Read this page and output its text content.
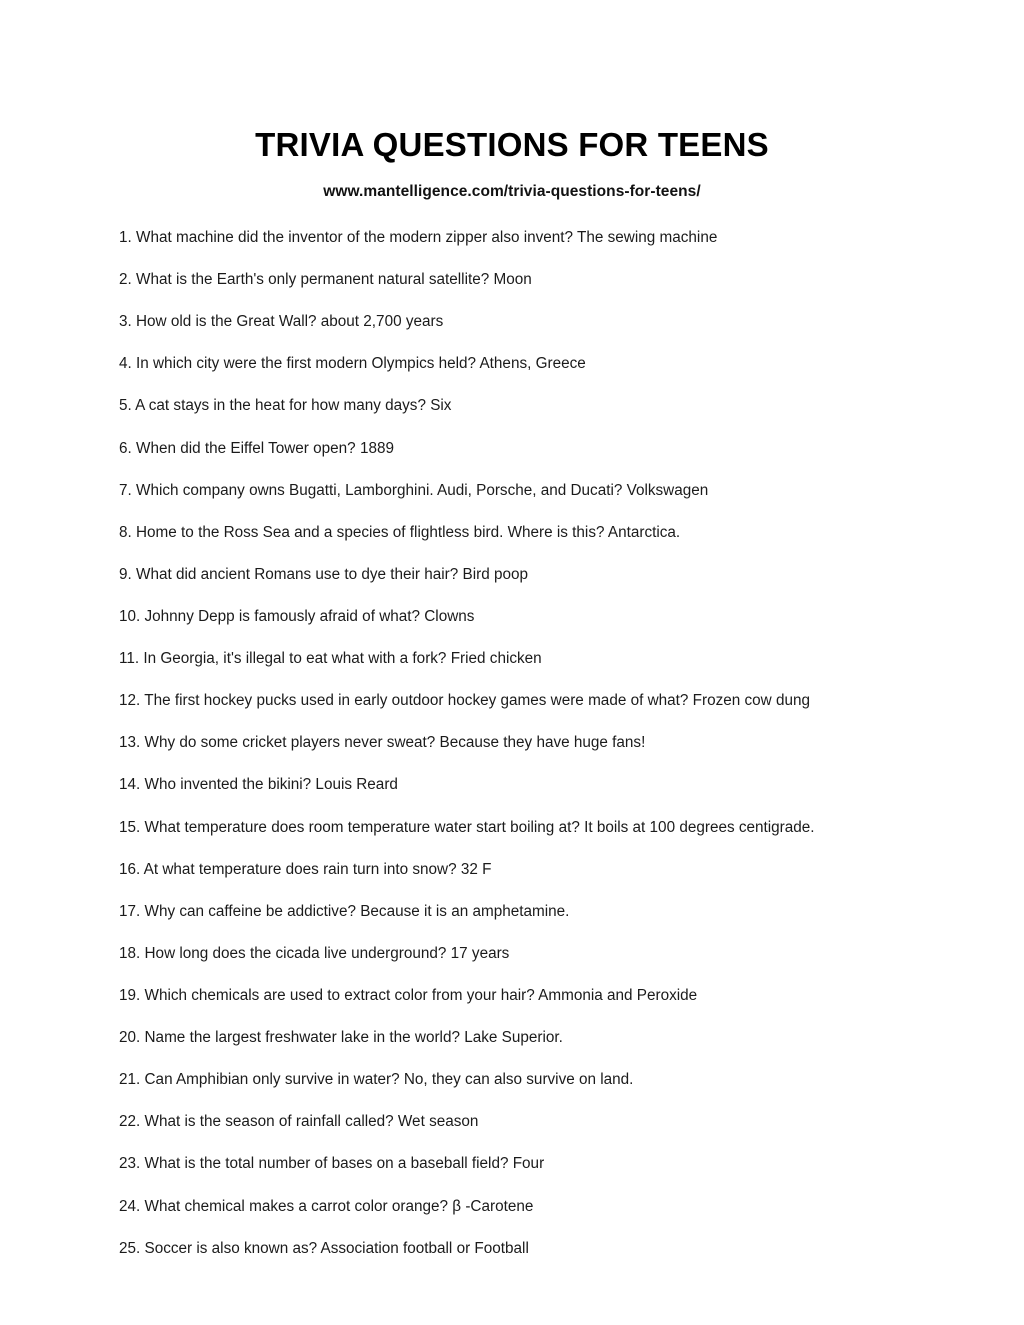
TRIVIA QUESTIONS FOR TEENS
www.mantelligence.com/trivia-questions-for-teens/
1. What machine did the inventor of the modern zipper also invent? The sewing machine
2. What is the Earth's only permanent natural satellite? Moon
3. How old is the Great Wall? about 2,700 years
4. In which city were the first modern Olympics held? Athens, Greece
5. A cat stays in the heat for how many days? Six
6. When did the Eiffel Tower open? 1889
7. Which company owns Bugatti, Lamborghini. Audi, Porsche, and Ducati? Volkswagen
8. Home to the Ross Sea and a species of flightless bird. Where is this? Antarctica.
9. What did ancient Romans use to dye their hair? Bird poop
10. Johnny Depp is famously afraid of what? Clowns
11. In Georgia, it's illegal to eat what with a fork? Fried chicken
12. The first hockey pucks used in early outdoor hockey games were made of what? Frozen cow dung
13. Why do some cricket players never sweat? Because they have huge fans!
14. Who invented the bikini? Louis Reard
15. What temperature does room temperature water start boiling at? It boils at 100 degrees centigrade.
16. At what temperature does rain turn into snow? 32 F
17. Why can caffeine be addictive? Because it is an amphetamine.
18. How long does the cicada live underground? 17 years
19. Which chemicals are used to extract color from your hair? Ammonia and Peroxide
20. Name the largest freshwater lake in the world? Lake Superior.
21. Can Amphibian only survive in water? No, they can also survive on land.
22. What is the season of rainfall called? Wet season
23. What is the total number of bases on a baseball field? Four
24. What chemical makes a carrot color orange? β -Carotene
25. Soccer is also known as? Association football or Football
